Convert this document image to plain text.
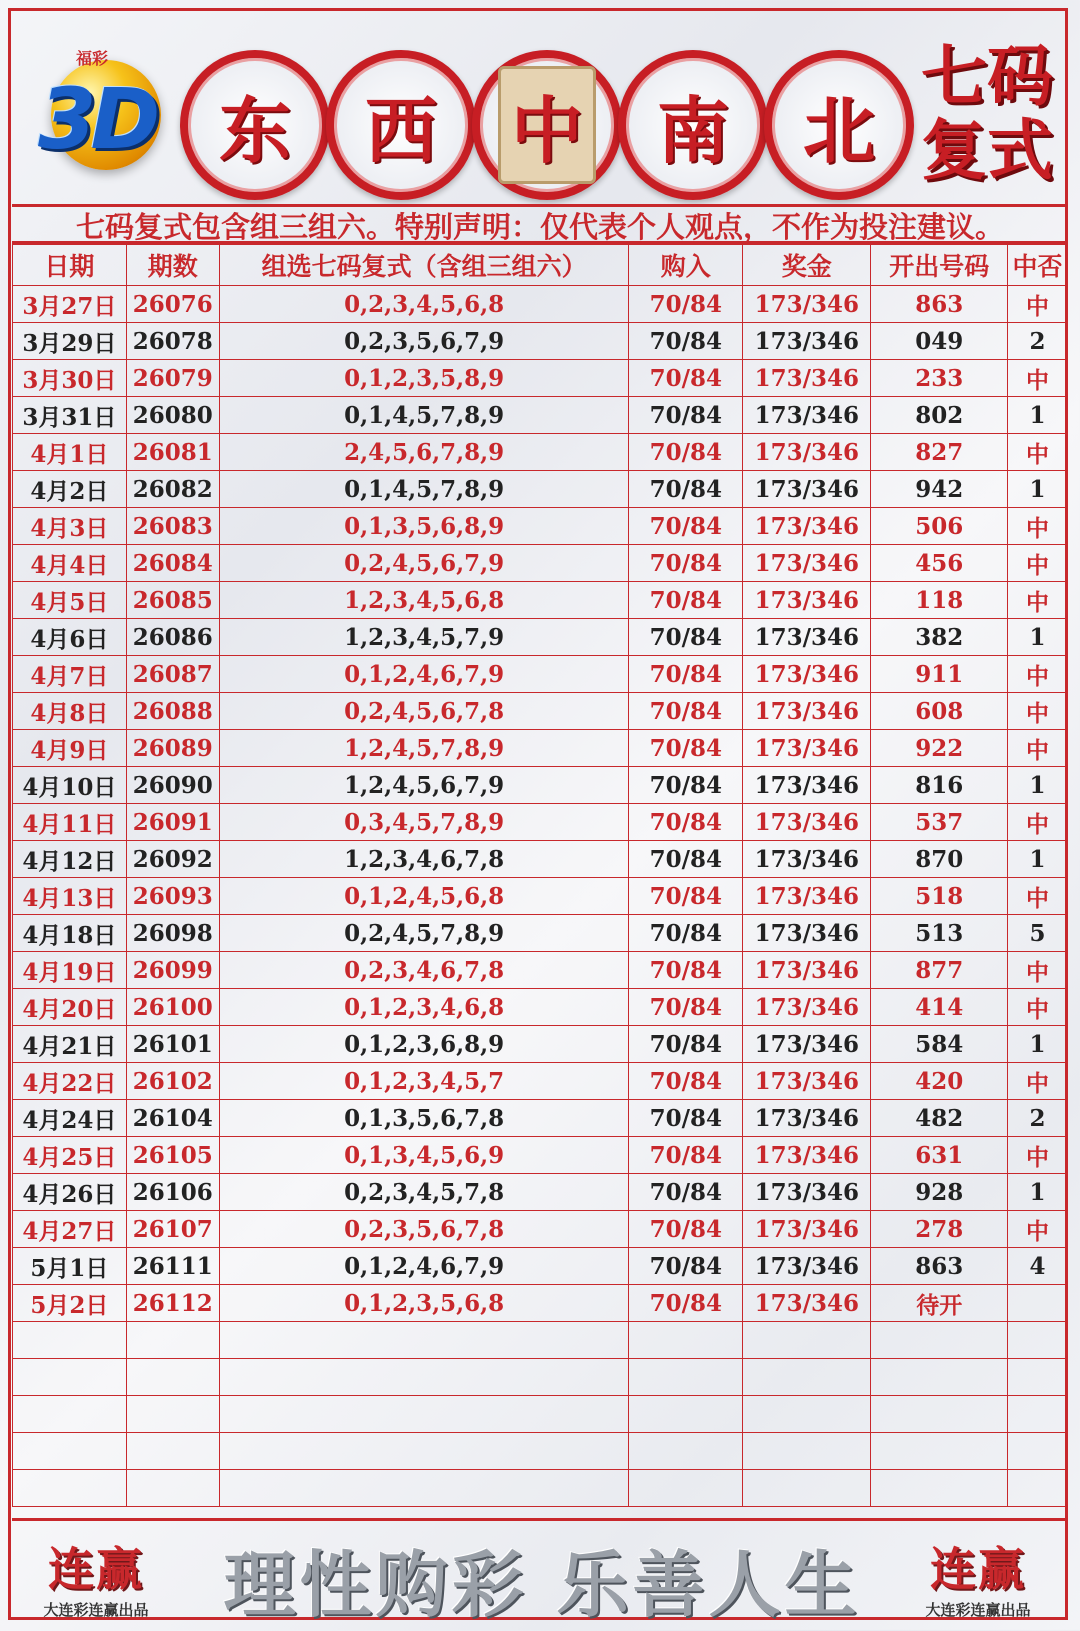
3D
福彩
东 西 中 南 北
七码
复式
七码复式包含组三组六。特别声明：仅代表个人观点，不作为投注建议。
日期	期数	组选七码复式（含组三组六）	购入	奖金	开出号码	中否
3月27日	26076	0,2,3,4,5,6,8	70/84	173/346	863	中
3月29日	26078	0,2,3,5,6,7,9	70/84	173/346	049	2
3月30日	26079	0,1,2,3,5,8,9	70/84	173/346	233	中
3月31日	26080	0,1,4,5,7,8,9	70/84	173/346	802	1
4月1日	26081	2,4,5,6,7,8,9	70/84	173/346	827	中
4月2日	26082	0,1,4,5,7,8,9	70/84	173/346	942	1
4月3日	26083	0,1,3,5,6,8,9	70/84	173/346	506	中
4月4日	26084	0,2,4,5,6,7,9	70/84	173/346	456	中
4月5日	26085	1,2,3,4,5,6,8	70/84	173/346	118	中
4月6日	26086	1,2,3,4,5,7,9	70/84	173/346	382	1
4月7日	26087	0,1,2,4,6,7,9	70/84	173/346	911	中
4月8日	26088	0,2,4,5,6,7,8	70/84	173/346	608	中
4月9日	26089	1,2,4,5,7,8,9	70/84	173/346	922	中
4月10日	26090	1,2,4,5,6,7,9	70/84	173/346	816	1
4月11日	26091	0,3,4,5,7,8,9	70/84	173/346	537	中
4月12日	26092	1,2,3,4,6,7,8	70/84	173/346	870	1
4月13日	26093	0,1,2,4,5,6,8	70/84	173/346	518	中
4月18日	26098	0,2,4,5,7,8,9	70/84	173/346	513	5
4月19日	26099	0,2,3,4,6,7,8	70/84	173/346	877	中
4月20日	26100	0,1,2,3,4,6,8	70/84	173/346	414	中
4月21日	26101	0,1,2,3,6,8,9	70/84	173/346	584	1
4月22日	26102	0,1,2,3,4,5,7	70/84	173/346	420	中
4月24日	26104	0,1,3,5,6,7,8	70/84	173/346	482	2
4月25日	26105	0,1,3,4,5,6,9	70/84	173/346	631	中
4月26日	26106	0,2,3,4,5,7,8	70/84	173/346	928	1
4月27日	26107	0,2,3,5,6,7,8	70/84	173/346	278	中
5月1日	26111	0,1,2,4,6,7,9	70/84	173/346	863	4
5月2日	26112	0,1,2,3,5,6,8	70/84	173/346	待开	

连赢
大连彩连赢出品 理性购彩 乐善人生	连赢
大连彩连赢出品
